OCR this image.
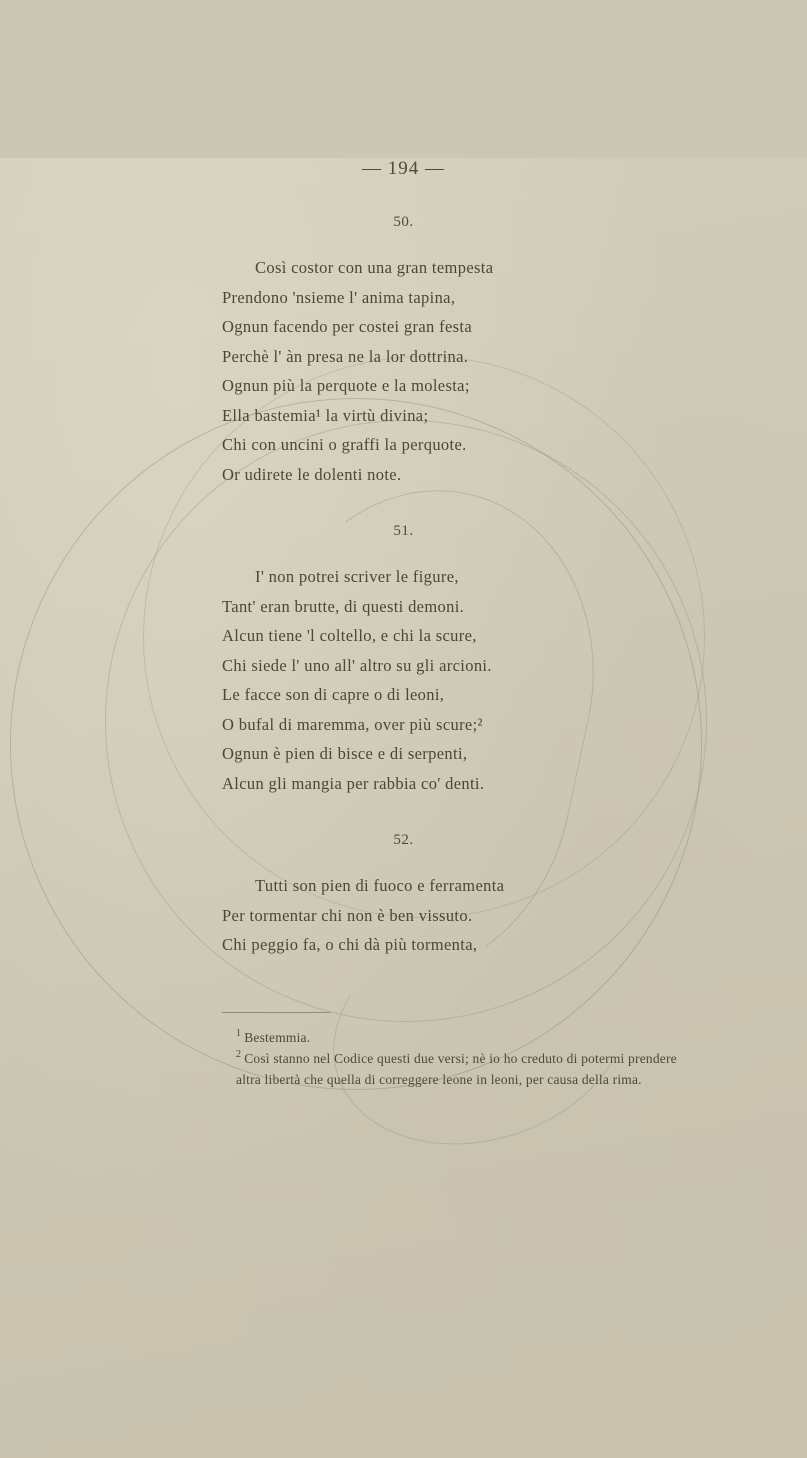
— 194 —
50.
Così costor con una gran tempesta
Prendono 'nsieme l' anima tapina,
Ognun facendo per costei gran festa
Perchè l' àn presa ne la lor dottrina.
Ognun più la perquote e la molesta;
Ella bastemia¹ la virtù divina;
Chi con uncini o graffi la perquote.
Or udirete le dolenti note.
51.
I' non potrei scriver le figure,
Tant' eran brutte, di questi demoni.
Alcun tiene 'l coltello, e chi la scure,
Chi siede l' uno all' altro su gli arcioni.
Le facce son di capre o di leoni,
O bufal di maremma, over più scure;²
Ognun è pien di bisce e di serpenti,
Alcun gli mangia per rabbia co' denti.
52.
Tutti son pien di fuoco e ferramenta
Per tormentar chi non è ben vissuto.
Chi peggio fa, o chi dà più tormenta,
$^1$ Bestemmia.
$^2$ Così stanno nel Codice questi due versi; nè io ho creduto di potermi prendere altra libertà che quella di correggere leone in leoni, per causa della rima.
